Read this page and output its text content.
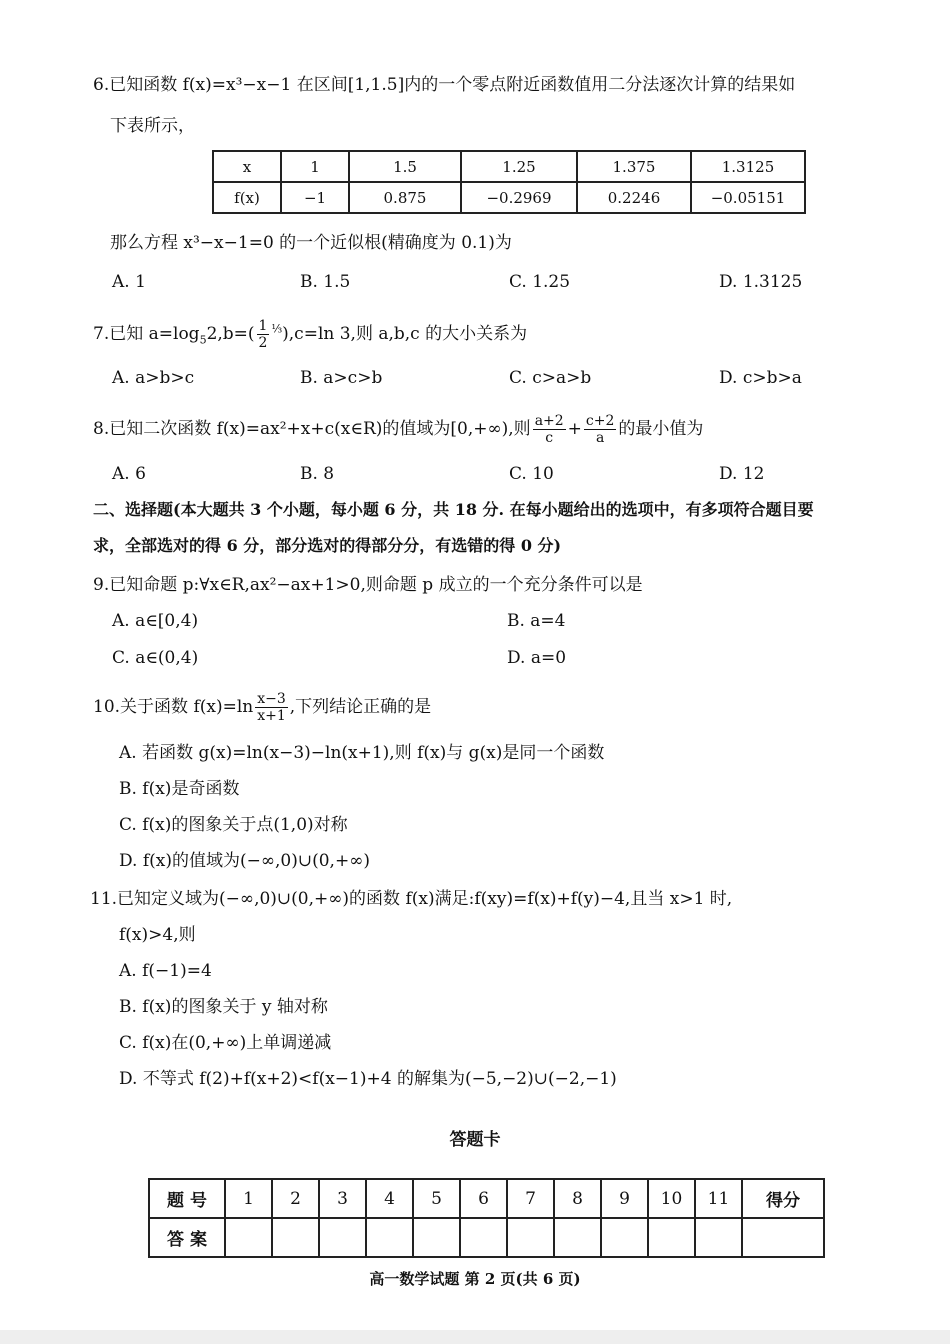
6.已知函数 f(x)=x³−x−1 在区间[1,1.5]内的一个零点附近函数值用二分法逐次计算的结果如
下表所示，
x	1	1.5	1.25	1.375	1.3125
f(x)	−1	0.875	−0.2969	0.2246	−0.05151
那么方程 x³−x−1=0 的一个近似根(精确度为 0.1)为
A. 1	B. 1.5	C. 1.25	D. 1.3125
7.已知 $a=\log_52,b=( \frac{1}{2} ^{\frac{1}{3}}),c=\ln$ 3,则 a,b,c 的大小关系为
A. a>b>c	B. a>c>b	C. c>a>b	D. c>b>a
8.已知二次函数 f(x)=ax²+x+c(x∈R)的值域为[0,+∞),则 $\frac{a+2}{c} + \frac{c+2}{a}$ 的最小值为
A. 6	B. 8	C. 10	D. 12
二、选择题(本大题共 3 个小题，每小题 6 分，共 18 分. 在每小题给出的选项中，有多项符合题目要
求，全部选对的得 6 分，部分选对的得部分分，有选错的得 0 分)
9.已知命题 p:∀x∈R,ax²−ax+1>0,则命题 p 成立的一个充分条件可以是
A. a∈[0,4)	B. a=4
C. a∈(0,4)	D. a=0
10.关于函数 $f(x)=\ln \frac{x-3}{x+1}$ ,下列结论正确的是
A. 若函数 g(x)=ln(x−3)−ln(x+1),则 f(x)与 g(x)是同一个函数
B. f(x)是奇函数
C. f(x)的图象关于点(1,0)对称
D. f(x)的值域为(−∞,0)∪(0,+∞)
11.已知定义域为(−∞,0)∪(0,+∞)的函数 f(x)满足:f(xy)=f(x)+f(y)−4,且当 x>1 时,
f(x)>4,则
A. f(−1)=4
B. f(x)的图象关于 y 轴对称
C. f(x)在(0,+∞)上单调递减
D. 不等式 f(2)+f(x+2)<f(x−1)+4 的解集为(−5,−2)∪(−2,−1)
答题卡
题 号	1	2	3	4	5	6	7	8	9	10	11	得分
答 案												
高一数学试题 第 2 页(共 6 页)
